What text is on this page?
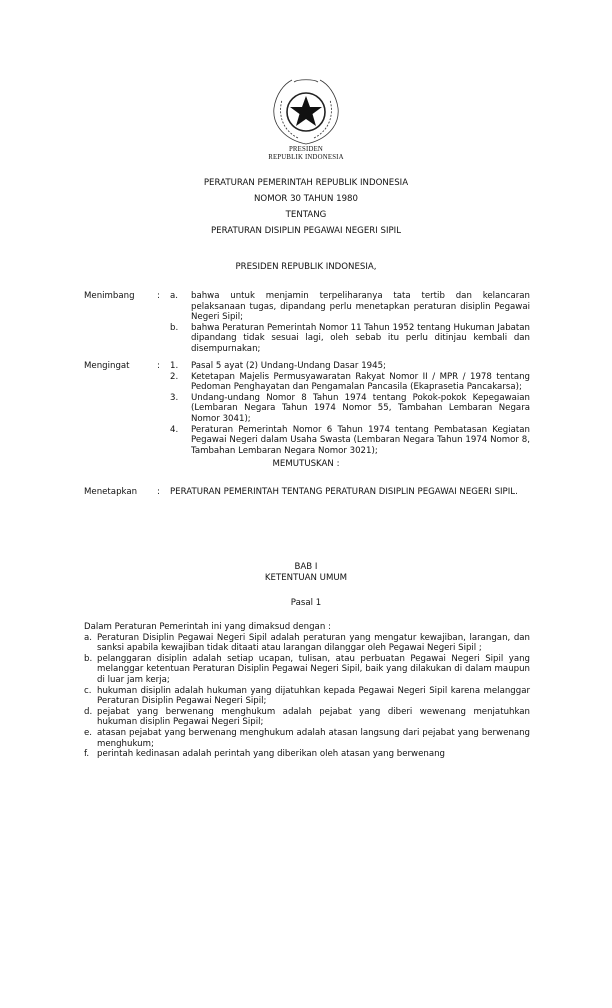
PRESIDEN
REPUBLIK INDONESIA
PERATURAN PEMERINTAH REPUBLIK INDONESIA
NOMOR 30 TAHUN 1980
TENTANG
PERATURAN DISIPLIN PEGAWAI NEGERI SIPIL
PRESIDEN REPUBLIK INDONESIA,
Menimbang	: a. bahwa untuk menjamin terpeliharanya tata tertib dan kelancaran pelaksanaan tugas, dipandang perlu menetapkan peraturan disiplin Pegawai Negeri Sipil;
b. bahwa Peraturan Pemerintah Nomor 11 Tahun 1952 tentang Hukuman Jabatan dipandang tidak sesuai lagi, oleh sebab itu perlu ditinjau kembali dan disempurnakan;
Mengingat	: 1. Pasal 5 ayat (2) Undang-Undang Dasar 1945;
2. Ketetapan Majelis Permusyawaratan Rakyat Nomor II / MPR / 1978 tentang Pedoman Penghayatan dan Pengamalan Pancasila (Ekaprasetia Pancakarsa);
3. Undang-undang Nomor 8 Tahun 1974 tentang Pokok-pokok Kepegawaian (Lembaran Negara Tahun 1974 Nomor 55, Tambahan Lembaran Negara Nomor 3041);
4. Peraturan Pemerintah Nomor 6 Tahun 1974 tentang Pembatasan Kegiatan Pegawai Negeri dalam Usaha Swasta (Lembaran Negara Tahun 1974 Nomor 8, Tambahan Lembaran Negara Nomor 3021);
MEMUTUSKAN :
Menetapkan : PERATURAN PEMERINTAH TENTANG PERATURAN DISIPLIN PEGAWAI NEGERI SIPIL.
BAB I
KETENTUAN UMUM
Pasal 1
Dalam Peraturan Pemerintah ini yang dimaksud dengan :
a. Peraturan Disiplin Pegawai Negeri Sipil adalah peraturan yang mengatur kewajiban, larangan, dan sanksi apabila kewajiban tidak ditaati atau larangan dilanggar oleh Pegawai Negeri Sipil ;
b. pelanggaran disiplin adalah setiap ucapan, tulisan, atau perbuatan Pegawai Negeri Sipil yang melanggar ketentuan Peraturan Disiplin Pegawai Negeri Sipil, baik yang dilakukan di dalam maupun di luar jam kerja;
c. hukuman disiplin adalah hukuman yang dijatuhkan kepada Pegawai Negeri Sipil karena melanggar Peraturan Disiplin Pegawai Negeri Sipil;
d. pejabat yang berwenang menghukum adalah pejabat yang diberi wewenang menjatuhkan hukuman disiplin Pegawai Negeri Sipil;
e. atasan pejabat yang berwenang menghukum adalah atasan langsung dari pejabat yang berwenang menghukum;
f. perintah kedinasan adalah perintah yang diberikan oleh atasan yang berwenang
